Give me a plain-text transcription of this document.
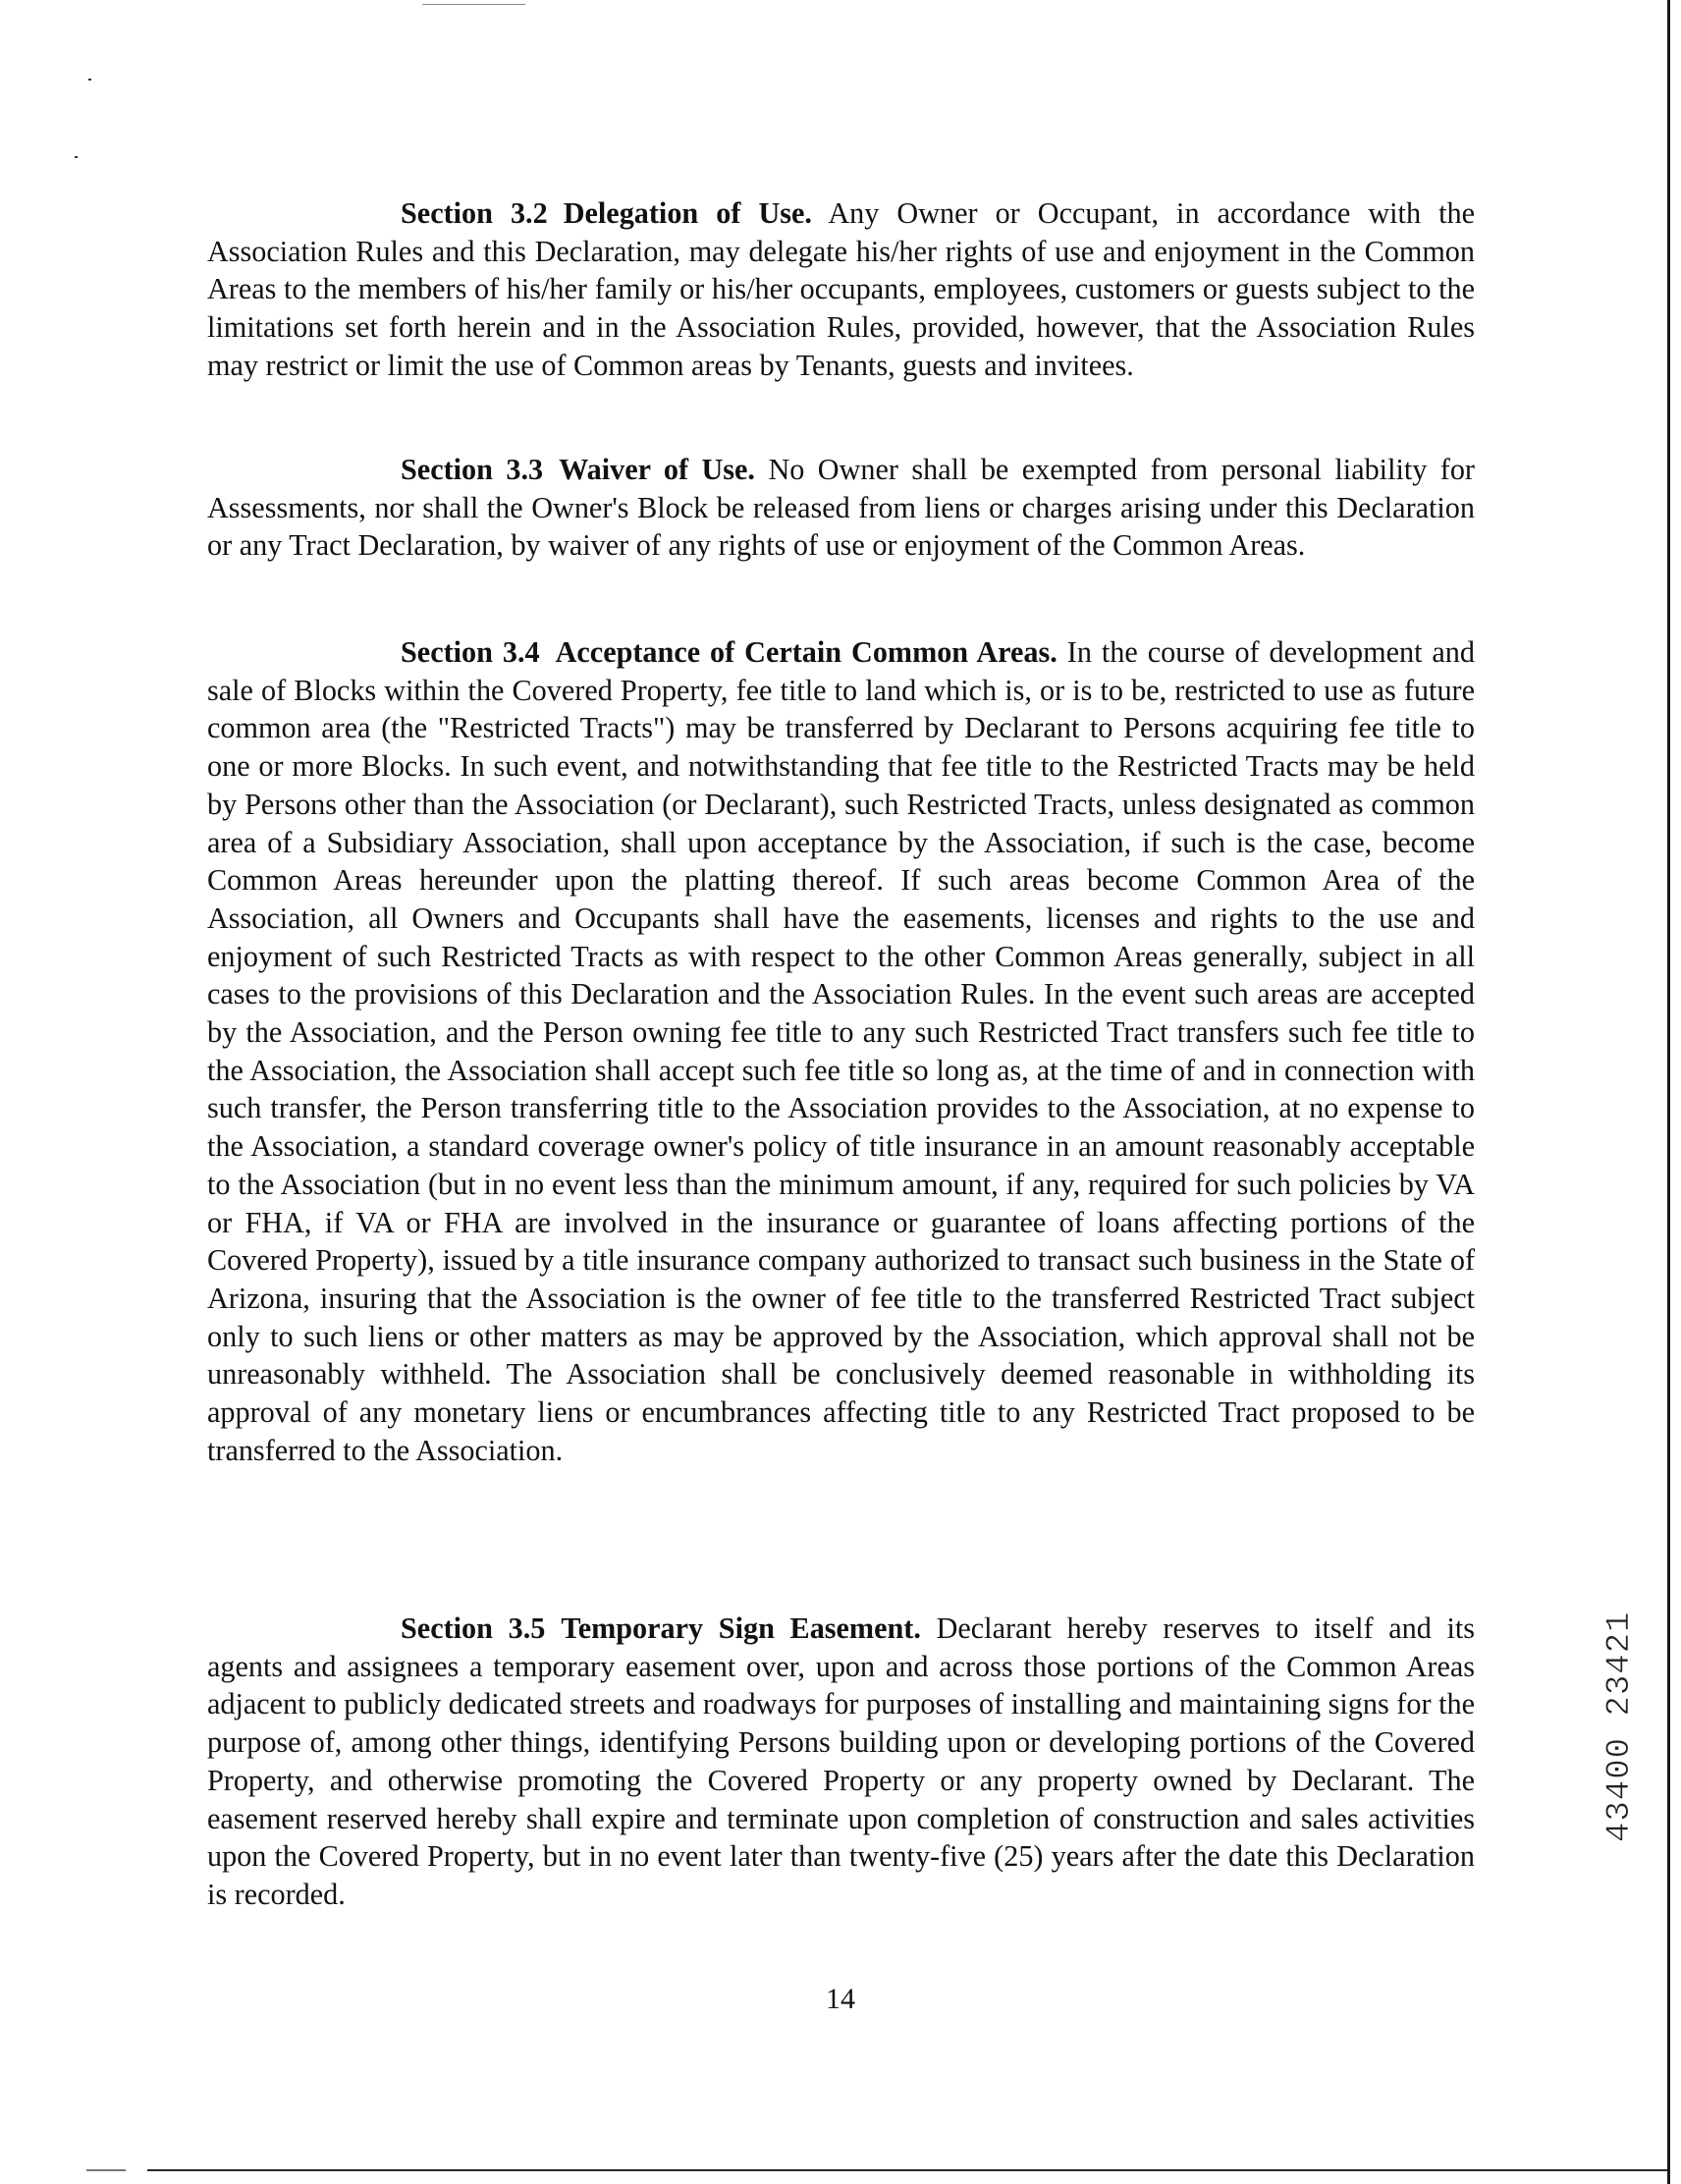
Section 3.2 Delegation of Use. Any Owner or Occupant, in accordance with the Association Rules and this Declaration, may delegate his/her rights of use and enjoyment in the Common Areas to the members of his/her family or his/her occupants, employees, customers or guests subject to the limitations set forth herein and in the Association Rules, provided, however, that the Association Rules may restrict or limit the use of Common areas by Tenants, guests and invitees.

Section 3.3 Waiver of Use. No Owner shall be exempted from personal liability for Assessments, nor shall the Owner's Block be released from liens or charges arising under this Declaration or any Tract Declaration, by waiver of any rights of use or enjoyment of the Common Areas.

Section 3.4 Acceptance of Certain Common Areas. In the course of development and sale of Blocks within the Covered Property, fee title to land which is, or is to be, restricted to use as future common area (the "Restricted Tracts") may be transferred by Declarant to Persons acquiring fee title to one or more Blocks. In such event, and notwithstanding that fee title to the Restricted Tracts may be held by Persons other than the Association (or Declarant), such Restricted Tracts, unless designated as common area of a Subsidiary Association, shall upon acceptance by the Association, if such is the case, become Common Areas hereunder upon the platting thereof. If such areas become Common Area of the Association, all Owners and Occupants shall have the easements, licenses and rights to the use and enjoyment of such Restricted Tracts as with respect to the other Common Areas generally, subject in all cases to the provisions of this Declaration and the Association Rules. In the event such areas are accepted by the Association, and the Person owning fee title to any such Restricted Tract transfers such fee title to the Association, the Association shall accept such fee title so long as, at the time of and in connection with such transfer, the Person transferring title to the Association provides to the Association, at no expense to the Association, a standard coverage owner's policy of title insurance in an amount reasonably acceptable to the Association (but in no event less than the minimum amount, if any, required for such policies by VA or FHA, if VA or FHA are involved in the insurance or guarantee of loans affecting portions of the Covered Property), issued by a title insurance company authorized to transact such business in the State of Arizona, insuring that the Association is the owner of fee title to the transferred Restricted Tract subject only to such liens or other matters as may be approved by the Association, which approval shall not be unreasonably withheld. The Association shall be conclusively deemed reasonable in withholding its approval of any monetary liens or encumbrances affecting title to any Restricted Tract proposed to be transferred to the Association.

Section 3.5 Temporary Sign Easement. Declarant hereby reserves to itself and its agents and assignees a temporary easement over, upon and across those portions of the Common Areas adjacent to publicly dedicated streets and roadways for purposes of installing and maintaining signs for the purpose of, among other things, identifying Persons building upon or developing portions of the Covered Property, and otherwise promoting the Covered Property or any property owned by Declarant. The easement reserved hereby shall expire and terminate upon completion of construction and sales activities upon the Covered Property, but in no event later than twenty-five (25) years after the date this Declaration is recorded.

43400 23421
14
